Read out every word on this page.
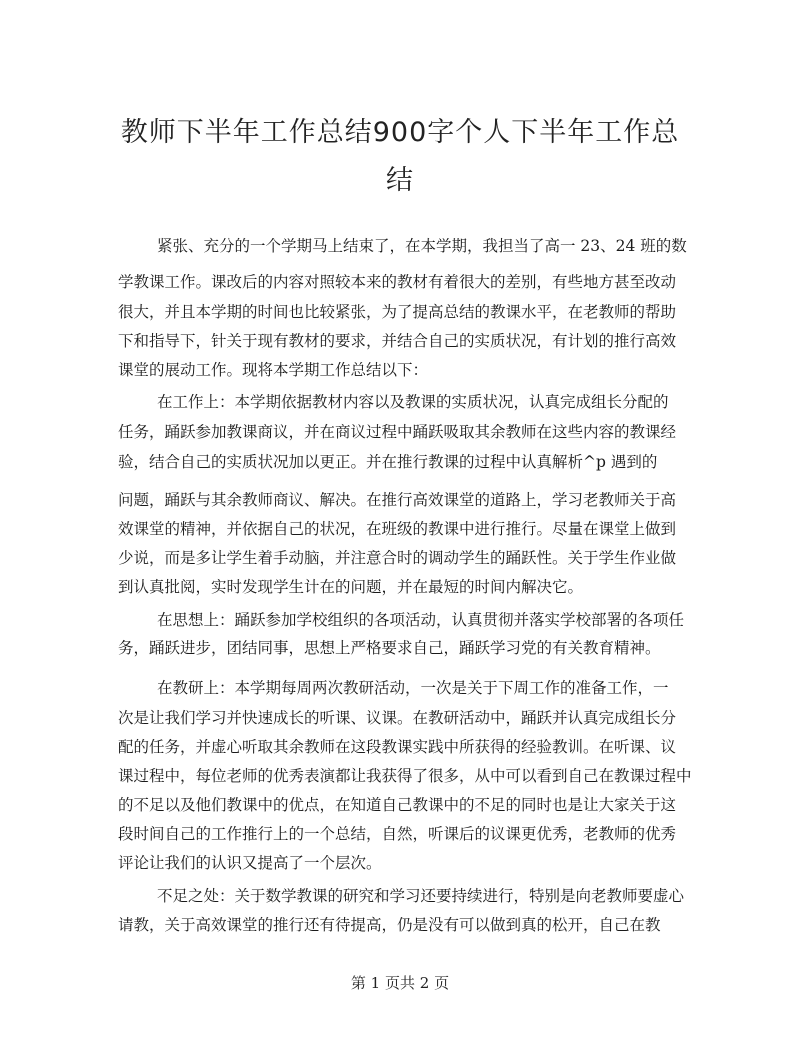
教师下半年工作总结900字个人下半年工作总
结

紧张、充分的一个学期马上结束了，在本学期，我担当了高一 23、24 班的数

学教课工作。课改后的内容对照较本来的教材有着很大的差别，有些地方甚至改动

很大，并且本学期的时间也比较紧张，为了提高总结的教课水平，在老教师的帮助

下和指导下，针关于现有教材的要求，并结合自己的实质状况，有计划的推行高效

课堂的展动工作。现将本学期工作总结以下：

在工作上：本学期依据教材内容以及教课的实质状况，认真完成组长分配的

任务，踊跃参加教课商议，并在商议过程中踊跃吸取其余教师在这些内容的教课经

验，结合自己的实质状况加以更正。并在推行教课的过程中认真解析^p 遇到的

问题，踊跃与其余教师商议、解决。在推行高效课堂的道路上，学习老教师关于高

效课堂的精神，并依据自己的状况，在班级的教课中进行推行。尽量在课堂上做到

少说，而是多让学生着手动脑，并注意合时的调动学生的踊跃性。关于学生作业做

到认真批阅，实时发现学生计在的问题，并在最短的时间内解决它。

在思想上：踊跃参加学校组织的各项活动，认真贯彻并落实学校部署的各项任

务，踊跃进步，团结同事，思想上严格要求自己，踊跃学习党的有关教育精神。

在教研上：本学期每周两次教研活动，一次是关于下周工作的准备工作，一

次是让我们学习并快速成长的听课、议课。在教研活动中，踊跃并认真完成组长分

配的任务，并虚心听取其余教师在这段教课实践中所获得的经验教训。在听课、议

课过程中，每位老师的优秀表演都让我获得了很多，从中可以看到自己在教课过程中

的不足以及他们教课中的优点，在知道自己教课中的不足的同时也是让大家关于这

段时间自己的工作推行上的一个总结，自然，听课后的议课更优秀，老教师的优秀

评论让我们的认识又提高了一个层次。

不足之处：关于数学教课的研究和学习还要持续进行，特别是向老教师要虚心

请教，关于高效课堂的推行还有待提高，仍是没有可以做到真的松开，自己在教

第 1 页共 2 页
